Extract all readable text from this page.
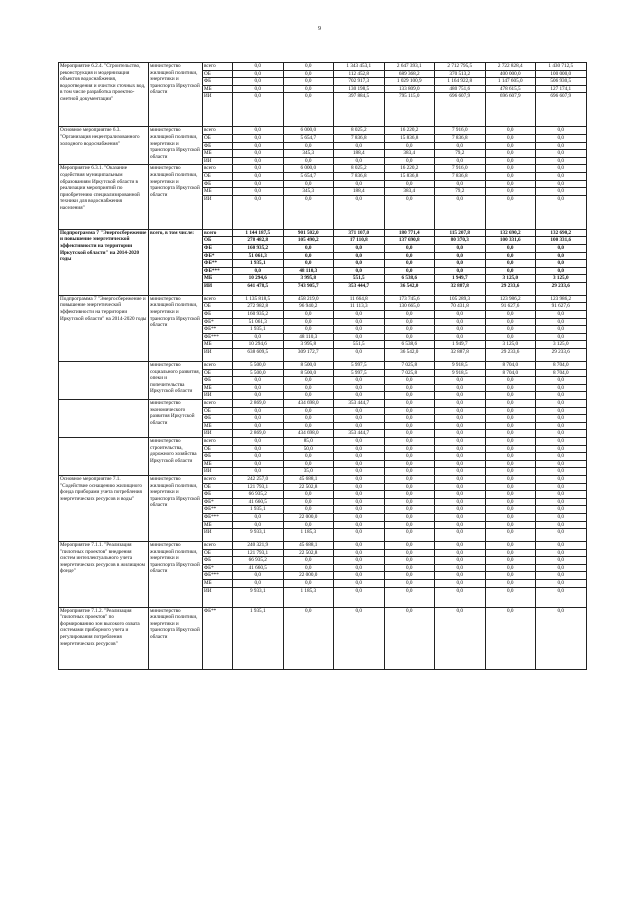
9
Мероприятие 6.2.4. "Строительство, реконструкция и модернизация объектов водоснабжения, водоотведения и очистки сточных вод, в том числе разработка проектно-сметной документации"	министерство жилищной политики, энергетики и транспорта Иркутской области	всего	0,0	0,0	1 343 453,1	2 647 393,1	2 712 795,5	2 722 828,4	1 430 712,5
		ОБ	0,0	0,0	112 452,8	689 368,2	370 513,2	400 000,0	100 000,0
		ФБ	0,0	0,0	702 917,3	1 029 100,9	1 164 922,8	1 147 605,0	506 930,5
		МБ	0,0	0,0	130 198,5	133 809,0	480 751,6	478 615,5	127 174,1
		ИИ	0,0	0,0	397 884,5	795 115,0	696 607,9	696 607,9	696 607,9
Основное мероприятие 6.3. "Организация нецентрализованного холодного водоснабжения"	министерство жилищной политики, энергетики и транспорта Иркутской области	всего	0,0	6 000,0	8 025,2	16 220,2	7 916,0	0,0	0,0
		ОБ	0,0	5 654,7	7 836,8	15 836,8	7 836,8	0,0	0,0
		ФБ	0,0	0,0	0,0	0,0	0,0	0,0	0,0
		МБ	0,0	345,3	188,4	383,4	79,2	0,0	0,0
		ИИ	0,0	0,0	0,0	0,0	0,0	0,0	0,0
Мероприятие 6.3.1. "Оказание содействия муниципальным образованиям Иркутской области в реализации мероприятий по приобретению специализированной техники для водоснабжения населения"	министерство жилищной политики, энергетики и транспорта Иркутской области	всего	0,0	6 000,0	8 025,2	16 220,2	7 916,0	0,0	0,0
		ОБ	0,0	5 654,7	7 836,8	15 836,8	7 836,8	0,0	0,0
		ФБ	0,0	0,0	0,0	0,0	0,0	0,0	0,0
		МБ	0,0	345,3	188,4	383,4	79,2	0,0	0,0
		ИИ	0,0	0,0	0,0	0,0	0,0	0,0	0,0
Подпрограмма 7 "Энергосбережение и повышение энергетической эффективности на территории Иркутской области" на 2014-2020 годы	всего, в том числе:	всего	1 144 187,5	901 502,0	371 107,0	180 771,4	115 207,8	132 690,2	132 690,2
		ОБ	278 482,8	105 490,2	17 110,8	137 690,8	80 370,3	100 331,6	100 331,6
		ФБ	160 935,2	0,0	0,0	0,0	0,0	0,0	0,0
		ФБ*	51 061,3	0,0	0,0	0,0	0,0	0,0	0,0
		ФБ**	1 935,1	0,0	0,0	0,0	0,0	0,0	0,0
		ФБ***	0,0	48 110,3	0,0	0,0	0,0	0,0	0,0
		МБ	10 294,6	3 995,8	551,5	6 538,6	1 949,7	3 125,0	3 125,0
		ИИ	641 478,5	743 905,7	353 444,7	36 542,0	32 887,8	29 233,6	29 233,6
Подпрограмма 7 "Энергосбережение и повышение энергетической эффективности на территории Иркутской области" на 2014-2020 годы	министерство жилищной политики, энергетики и транспорта Иркутской области	всего	1 135 818,5	458 219,0	11 664,8	173 745,6	105 289,3	123 986,2	123 986,2
		ОБ	272 982,8	96 940,2	11 113,3	130 665,0	70 431,8	91 627,6	91 627,6
		ФБ	160 935,2	0,0	0,0	0,0	0,0	0,0	0,0
		ФБ*	51 061,3	0,0	0,0	0,0	0,0	0,0	0,0
		ФБ**	1 935,1	0,0	0,0	0,0	0,0	0,0	0,0
		ФБ***	0,0	48 110,3	0,0	0,0	0,0	0,0	0,0
		МБ	10 294,6	3 995,8	551,5	6 538,6	1 949,7	3 125,0	3 125,0
		ИИ	638 609,5	309 172,7	0,0	36 542,0	32 887,8	29 233,6	29 233,6
	министерство социального развития, опеки и попечительства Иркутской области	всего	5 500,0	8 500,0	5 997,5	7 025,8	9 918,5	8 704,0	8 704,0
		ОБ	5 500,0	8 500,0	5 997,5	7 025,8	9 918,5	8 704,0	8 704,0
		ФБ	0,0	0,0	0,0	0,0	0,0	0,0	0,0
		МБ	0,0	0,0	0,0	0,0	0,0	0,0	0,0
		ИИ	0,0	0,0	0,0	0,0	0,0	0,0	0,0
	министерство экономического развития Иркутской области	всего	2 869,0	434 698,0	353 444,7	0,0	0,0	0,0	0,0
		ОБ	0,0	0,0	0,0	0,0	0,0	0,0	0,0
		ФБ	0,0	0,0	0,0	0,0	0,0	0,0	0,0
		МБ	0,0	0,0	0,0	0,0	0,0	0,0	0,0
		ИИ	2 869,0	434 698,0	353 444,7	0,0	0,0	0,0	0,0
	министерство строительства, дорожного хозяйства Иркутской области	всего	0,0	85,0	0,0	0,0	0,0	0,0	0,0
		ОБ	0,0	50,0	0,0	0,0	0,0	0,0	0,0
		ФБ	0,0	0,0	0,0	0,0	0,0	0,0	0,0
		МБ	0,0	0,0	0,0	0,0	0,0	0,0	0,0
		ИИ	0,0	35,0	0,0	0,0	0,0	0,0	0,0
Основное мероприятие 7.1. "Содействие оснащению жилищного фонда приборами учета потребления энергетических ресурсов и воды"	министерство жилищной политики, энергетики и транспорта Иркутской области	всего	242 257,0	45 688,1	0,0	0,0	0,0	0,0	0,0
		ОБ	121 793,1	22 502,8	0,0	0,0	0,0	0,0	0,0
		ФБ	66 935,2	0,0	0,0	0,0	0,0	0,0	0,0
		ФБ*	41 660,5	0,0	0,0	0,0	0,0	0,0	0,0
		ФБ**	1 935,1	0,0	0,0	0,0	0,0	0,0	0,0
		ФБ***	0,0	22 000,0	0,0	0,0	0,0	0,0	0,0
		МБ	0,0	0,0	0,0	0,0	0,0	0,0	0,0
		ИИ	9 933,1	1 185,3	0,0	0,0	0,0	0,0	0,0
Мероприятие 7.1.1. "Реализация "пилотных проектов" внедрения систем интеллектуального учета энергетических ресурсов в жилищном фонде"	министерство жилищной политики, энергетики и транспорта Иркутской области	всего	240 321,9	45 688,1	0,0	0,0	0,0	0,0	0,0
		ОБ	121 793,1	22 502,8	0,0	0,0	0,0	0,0	0,0
		ФБ	66 935,2	0,0	0,0	0,0	0,0	0,0	0,0
		ФБ*	41 660,5	0,0	0,0	0,0	0,0	0,0	0,0
		ФБ***	0,0	22 000,0	0,0	0,0	0,0	0,0	0,0
		МБ	0,0	0,0	0,0	0,0	0,0	0,0	0,0
		ИИ	9 933,1	1 185,3	0,0	0,0	0,0	0,0	0,0
Мероприятие 7.1.2. "Реализация "пилотных проектов" по формированию зон высокого охвата системами приборного учета и регулирования потребления энергетических ресурсов"	министерство жилищной политики, энергетики и транспорта Иркутской области	ФБ**	1 935,1	0,0	0,0	0,0	0,0	0,0	0,0
